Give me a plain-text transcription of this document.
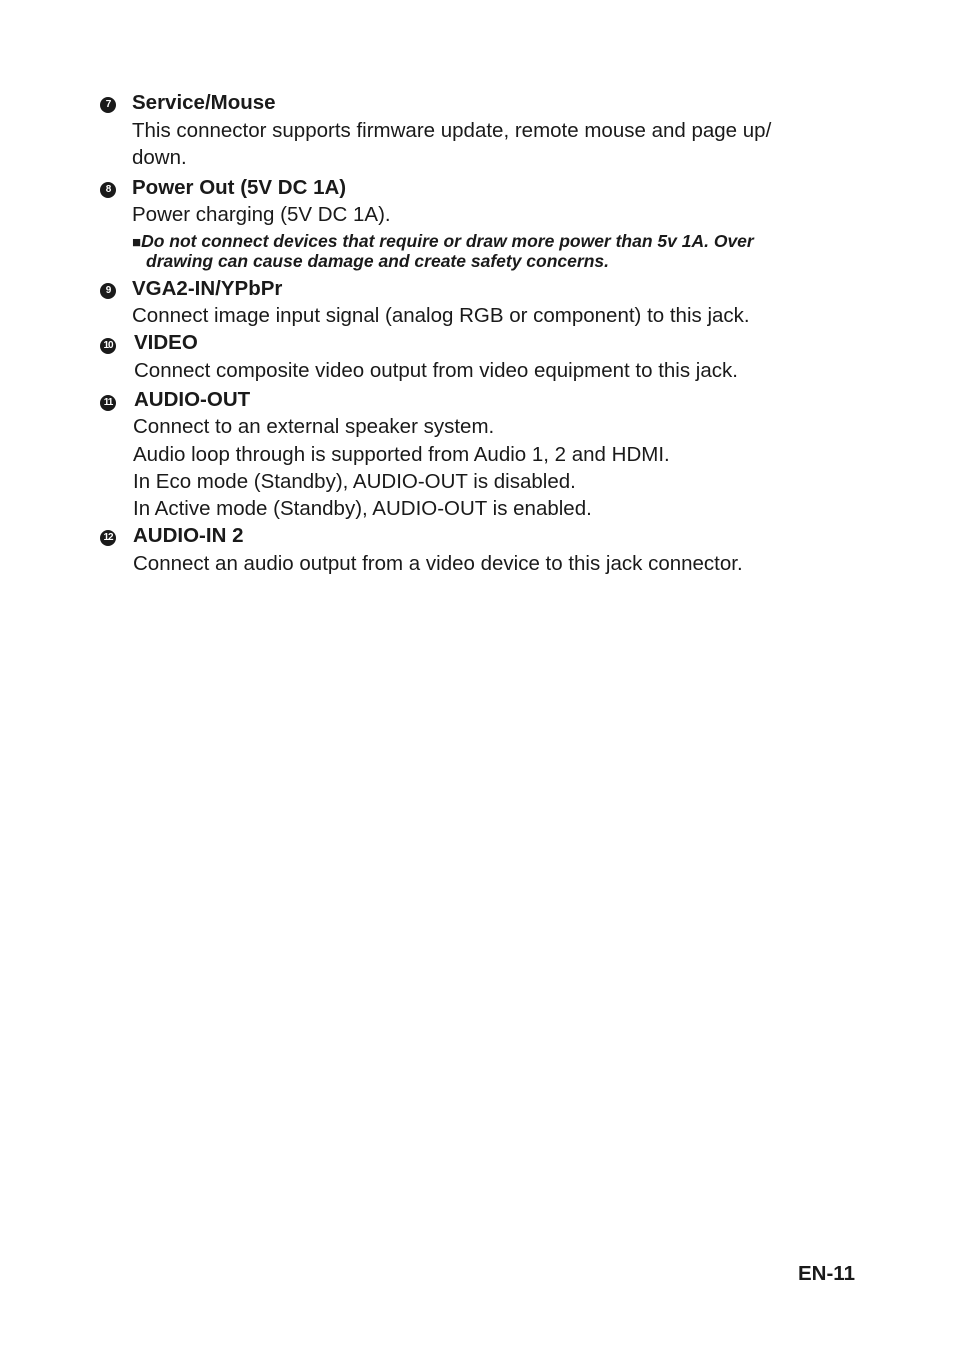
7 Service/Mouse
This connector supports firmware update, remote mouse and page up/
down.
8 Power Out (5V DC 1A)
Power charging (5V DC 1A).
■Do not connect devices that require or draw more power than 5v 1A. Over
drawing can cause damage and create safety concerns.
9 VGA2-IN/YPbPr
Connect image input signal (analog RGB or component) to this jack.
10 VIDEO
Connect composite video output from video equipment to this jack.
11 AUDIO-OUT
Connect to an external speaker system.
Audio loop through is supported from Audio 1, 2 and HDMI.
In Eco mode (Standby), AUDIO-OUT is disabled.
In Active mode (Standby), AUDIO-OUT is enabled.
12 AUDIO-IN 2
Connect an audio output from a video device to this jack connector.
EN-11
